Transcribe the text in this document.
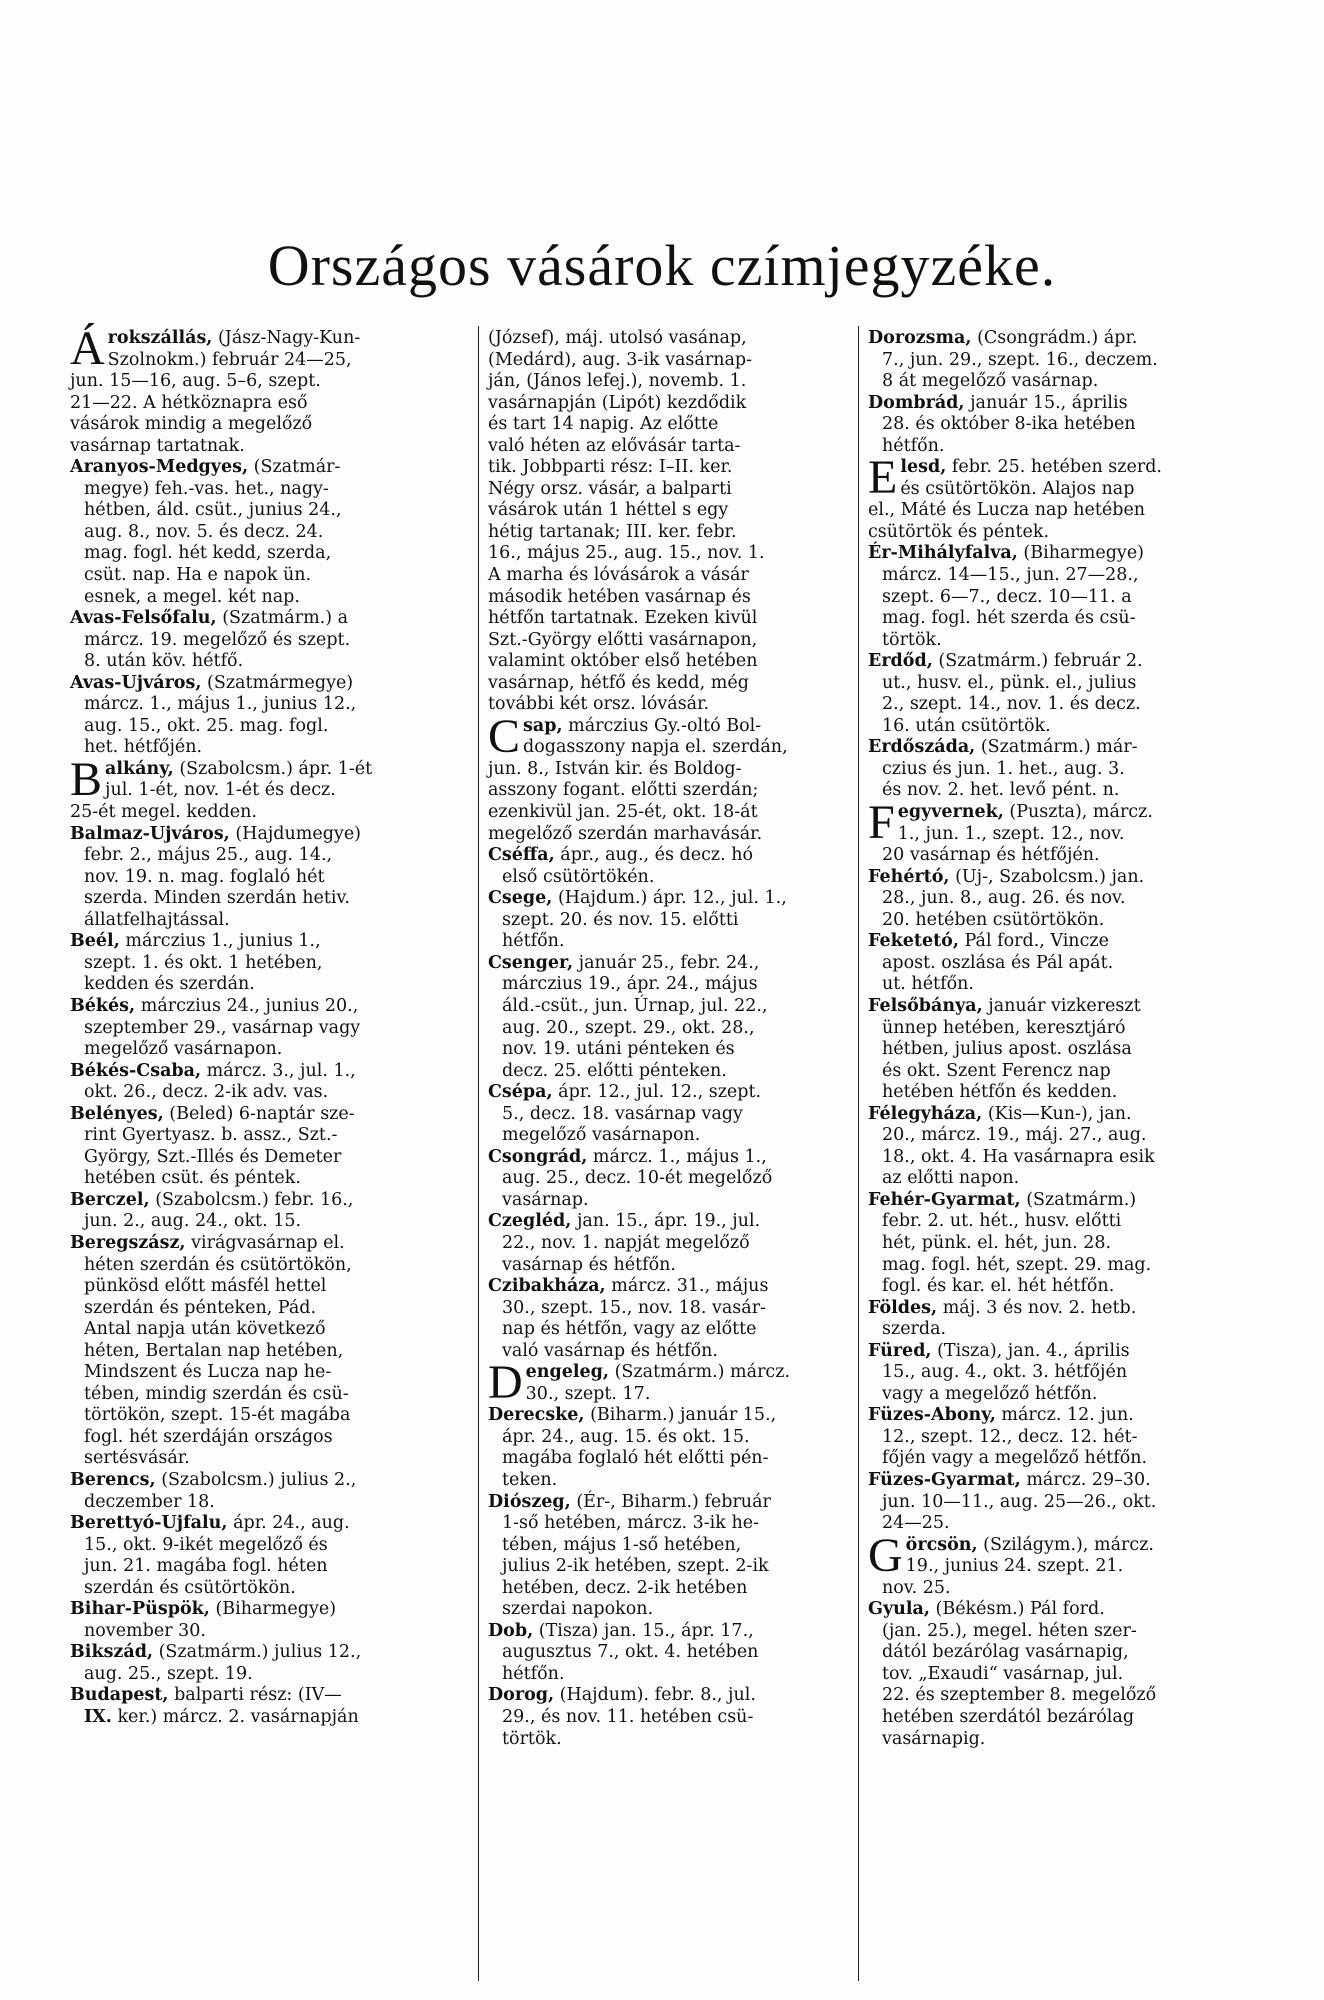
Országos vásárok czímjegyzéke.
Árokszállás, (Jász-Nagy-Kun-
Szolnokm.) február 24—25,
jun. 15—16, aug. 5–6, szept.
21—22. A hétköznapra eső
vásárok mindig a megelőző
vasárnap tartatnak.
Aranyos-Medgyes, (Szatmár-
megye) feh.-vas. het., nagy-
hétben, áld. csüt., junius 24.,
aug. 8., nov. 5. és decz. 24.
mag. fogl. hét kedd, szerda,
csüt. nap. Ha e napok ün.
esnek, a megel. két nap.
Avas-Felsőfalu, (Szatmárm.) a
márcz. 19. megelőző és szept.
8. után köv. hétfő.
Avas-Ujváros, (Szatmármegye)
márcz. 1., május 1., junius 12.,
aug. 15., okt. 25. mag. fogl.
het. hétfőjén.
Balkány, (Szabolcsm.) ápr. 1-ét
jul. 1-ét, nov. 1-ét és decz.
25-ét megel. kedden.
Balmaz-Ujváros, (Hajdumegye)
febr. 2., május 25., aug. 14.,
nov. 19. n. mag. foglaló hét
szerda. Minden szerdán hetiv.
állatfelhajtással.
Beél, márczius 1., junius 1.,
szept. 1. és okt. 1 hetében,
kedden és szerdán.
Békés, márczius 24., junius 20.,
szeptember 29., vasárnap vagy
megelőző vasárnapon.
Békés-Csaba, márcz. 3., jul. 1.,
okt. 26., decz. 2-ik adv. vas.
Belényes, (Beled) 6-naptár sze-
rint Gyertyasz. b. assz., Szt.-
György, Szt.-Illés és Demeter
hetében csüt. és péntek.
Berczel, (Szabolcsm.) febr. 16.,
jun. 2., aug. 24., okt. 15.
Beregszász, virágvasárnap el.
héten szerdán és csütörtökön,
pünkösd előtt másfél hettel
szerdán és pénteken, Pád.
Antal napja után következő
héten, Bertalan nap hetében,
Mindszent és Lucza nap he-
tében, mindig szerdán és csü-
törtökön, szept. 15-ét magába
fogl. hét szerdáján országos
sertésvásár.
Berencs, (Szabolcsm.) julius 2.,
deczember 18.
Berettyó-Ujfalu, ápr. 24., aug.
15., okt. 9-ikét megelőző és
jun. 21. magába fogl. héten
szerdán és csütörtökön.
Bihar-Püspök, (Biharmegye)
november 30.
Bikszád, (Szatmárm.) julius 12.,
aug. 25., szept. 19.
Budapest, balparti rész: (IV—
IX. ker.) márcz. 2. vasárnapján
(József), máj. utolsó vasánap,
(Medárd), aug. 3-ik vasárnap-
ján, (János lefej.), novemb. 1.
vasárnapján (Lipót) kezdődik
és tart 14 napig. Az előtte
való héten az elővásár tarta-
tik. Jobbparti rész: I–II. ker.
Négy orsz. vásár, a balparti
vásárok után 1 héttel s egy
hétig tartanak; III. ker. febr.
16., május 25., aug. 15., nov. 1.
A marha és lóvásárok a vásár
második hetében vasárnap és
hétfőn tartatnak. Ezeken kivül
Szt.-György előtti vasárnapon,
valamint október első hetében
vasárnap, hétfő és kedd, még
további két orsz. lóvásár.
Csap, márczius Gy.-oltó Bol-
dogasszony napja el. szerdán,
jun. 8., István kir. és Boldog-
asszony fogant. előtti szerdán;
ezenkivül jan. 25-ét, okt. 18-át
megelőző szerdán marhavásár.
Cséffa, ápr., aug., és decz. hó
első csütörtökén.
Csege, (Hajdum.) ápr. 12., jul. 1.,
szept. 20. és nov. 15. előtti
hétfőn.
Csenger, január 25., febr. 24.,
márczius 19., ápr. 24., május
áld.-csüt., jun. Úrnap, jul. 22.,
aug. 20., szept. 29., okt. 28.,
nov. 19. utáni pénteken és
decz. 25. előtti pénteken.
Csépa, ápr. 12., jul. 12., szept.
5., decz. 18. vasárnap vagy
megelőző vasárnapon.
Csongrád, márcz. 1., május 1.,
aug. 25., decz. 10-ét megelőző
vasárnap.
Czegléd, jan. 15., ápr. 19., jul.
22., nov. 1. napját megelőző
vasárnap és hétfőn.
Czibakháza, márcz. 31., május
30., szept. 15., nov. 18. vasár-
nap és hétfőn, vagy az előtte
való vasárnap és hétfőn.
Dengeleg, (Szatmárm.) márcz.
30., szept. 17.
Derecske, (Biharm.) január 15.,
ápr. 24., aug. 15. és okt. 15.
magába foglaló hét előtti pén-
teken.
Diószeg, (Ér-, Biharm.) február
1-ső hetében, márcz. 3-ik he-
tében, május 1-ső hetében,
julius 2-ik hetében, szept. 2-ik
hetében, decz. 2-ik hetében
szerdai napokon.
Dob, (Tisza) jan. 15., ápr. 17.,
augusztus 7., okt. 4. hetében
hétfőn.
Dorog, (Hajdum). febr. 8., jul.
29., és nov. 11. hetében csü-
törtök.
Dorozsma, (Csongrádm.) ápr.
7., jun. 29., szept. 16., deczem.
8 át megelőző vasárnap.
Dombrád, január 15., április
28. és október 8-ika hetében
hétfőn.
Elesd, febr. 25. hetében szerd.
és csütörtökön. Alajos nap
el., Máté és Lucza nap hetében
csütörtök és péntek.
Ér-Mihályfalva, (Biharmegye)
márcz. 14—15., jun. 27—28.,
szept. 6—7., decz. 10—11. a
mag. fogl. hét szerda és csü-
törtök.
Erdőd, (Szatmárm.) február 2.
ut., husv. el., pünk. el., julius
2., szept. 14., nov. 1. és decz.
16. után csütörtök.
Erdőszáda, (Szatmárm.) már-
czius és jun. 1. het., aug. 3.
és nov. 2. het. levő pént. n.
Fegyvernek, (Puszta), márcz.
1., jun. 1., szept. 12., nov.
20 vasárnap és hétfőjén.
Fehértó, (Uj-, Szabolcsm.) jan.
28., jun. 8., aug. 26. és nov.
20. hetében csütörtökön.
Feketetó, Pál ford., Vincze
apost. oszlása és Pál apát.
ut. hétfőn.
Felsőbánya, január vizkereszt
ünnep hetében, keresztjáró
hétben, julius apost. oszlása
és okt. Szent Ferencz nap
hetében hétfőn és kedden.
Félegyháza, (Kis—Kun-), jan.
20., márcz. 19., máj. 27., aug.
18., okt. 4. Ha vasárnapra esik
az előtti napon.
Fehér-Gyarmat, (Szatmárm.)
febr. 2. ut. hét., husv. előtti
hét, pünk. el. hét, jun. 28.
mag. fogl. hét, szept. 29. mag.
fogl. és kar. el. hét hétfőn.
Földes, máj. 3 és nov. 2. hetb.
szerda.
Füred, (Tisza), jan. 4., április
15., aug. 4., okt. 3. hétfőjén
vagy a megelőző hétfőn.
Füzes-Abony, márcz. 12. jun.
12., szept. 12., decz. 12. hét-
főjén vagy a megelőző hétfőn.
Füzes-Gyarmat, márcz. 29–30.
jun. 10—11., aug. 25—26., okt.
24—25.
Görcsön, (Szilágym.), márcz.
19., junius 24. szept. 21.
nov. 25.
Gyula, (Békésm.) Pál ford.
(jan. 25.), megel. héten szer-
dától bezárólag vasárnapig,
tov. „Exaudi“ vasárnap, jul.
22. és szeptember 8. megelőző
hetében szerdától bezárólag
vasárnapig.
